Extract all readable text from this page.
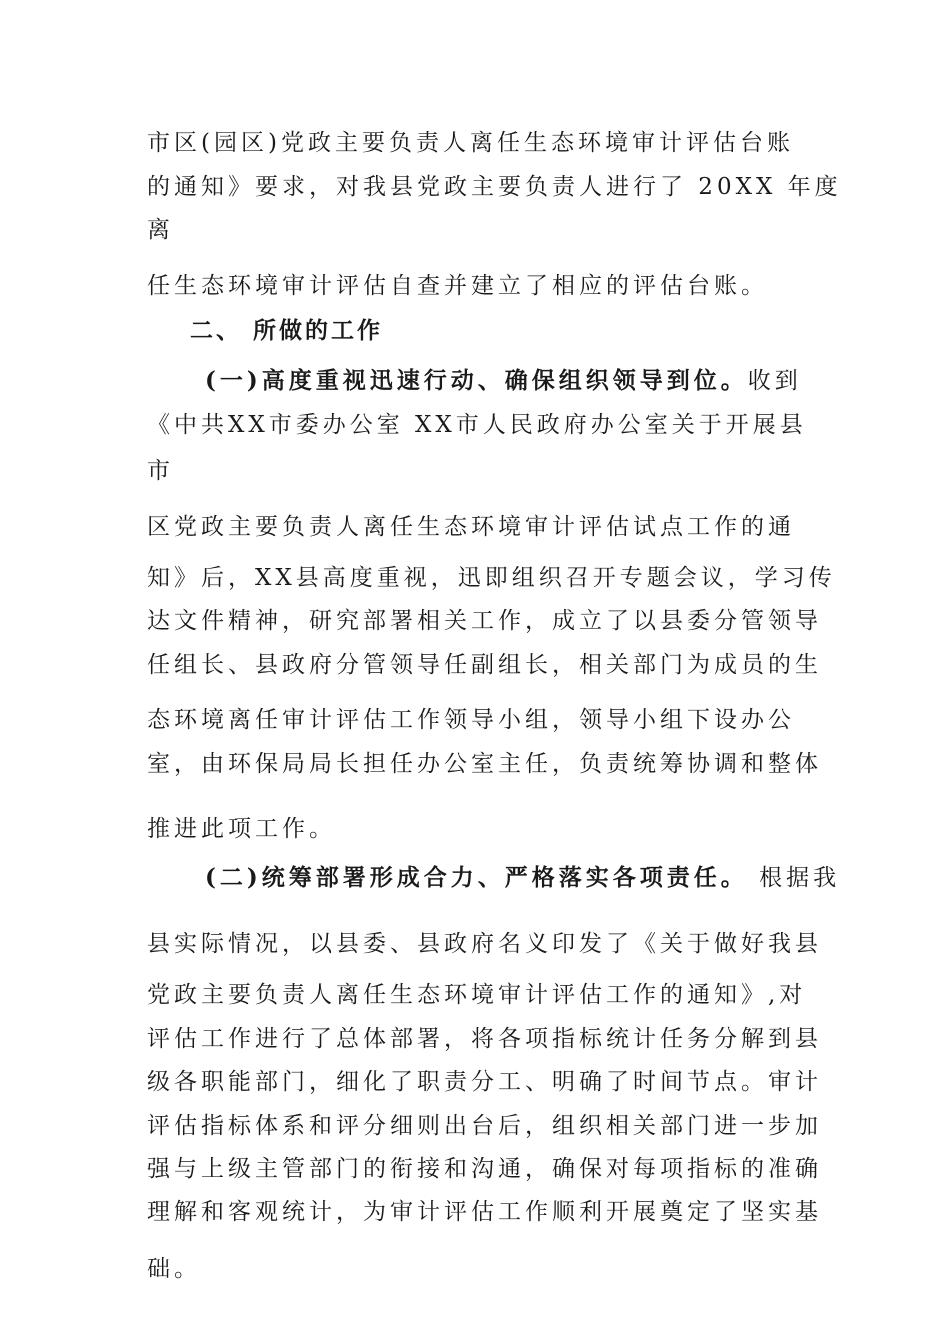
市区(园区)党政主要负责人离任生态环境审计评估台账
的通知》要求，对我县党政主要负责人进行了 20XX 年度
离
任生态环境审计评估自查并建立了相应的评估台账。
二、 所做的工作
(一)高度重视迅速行动、确保组织领导到位。收到
《中共XX市委办公室 XX市人民政府办公室关于开展县
市
区党政主要负责人离任生态环境审计评估试点工作的通
知》后，XX县高度重视，迅即组织召开专题会议，学习传
达文件精神，研究部署相关工作，成立了以县委分管领导
任组长、县政府分管领导任副组长，相关部门为成员的生
态环境离任审计评估工作领导小组，领导小组下设办公
室，由环保局局长担任办公室主任，负责统筹协调和整体
推进此项工作。
(二)统筹部署形成合力、严格落实各项责任。 根据我
县实际情况，以县委、县政府名义印发了《关于做好我县
党政主要负责人离任生态环境审计评估工作的通知》,对
评估工作进行了总体部署，将各项指标统计任务分解到县
级各职能部门，细化了职责分工、明确了时间节点。审计
评估指标体系和评分细则出台后，组织相关部门进一步加
强与上级主管部门的衔接和沟通，确保对每项指标的准确
理解和客观统计，为审计评估工作顺利开展奠定了坚实基
础。
